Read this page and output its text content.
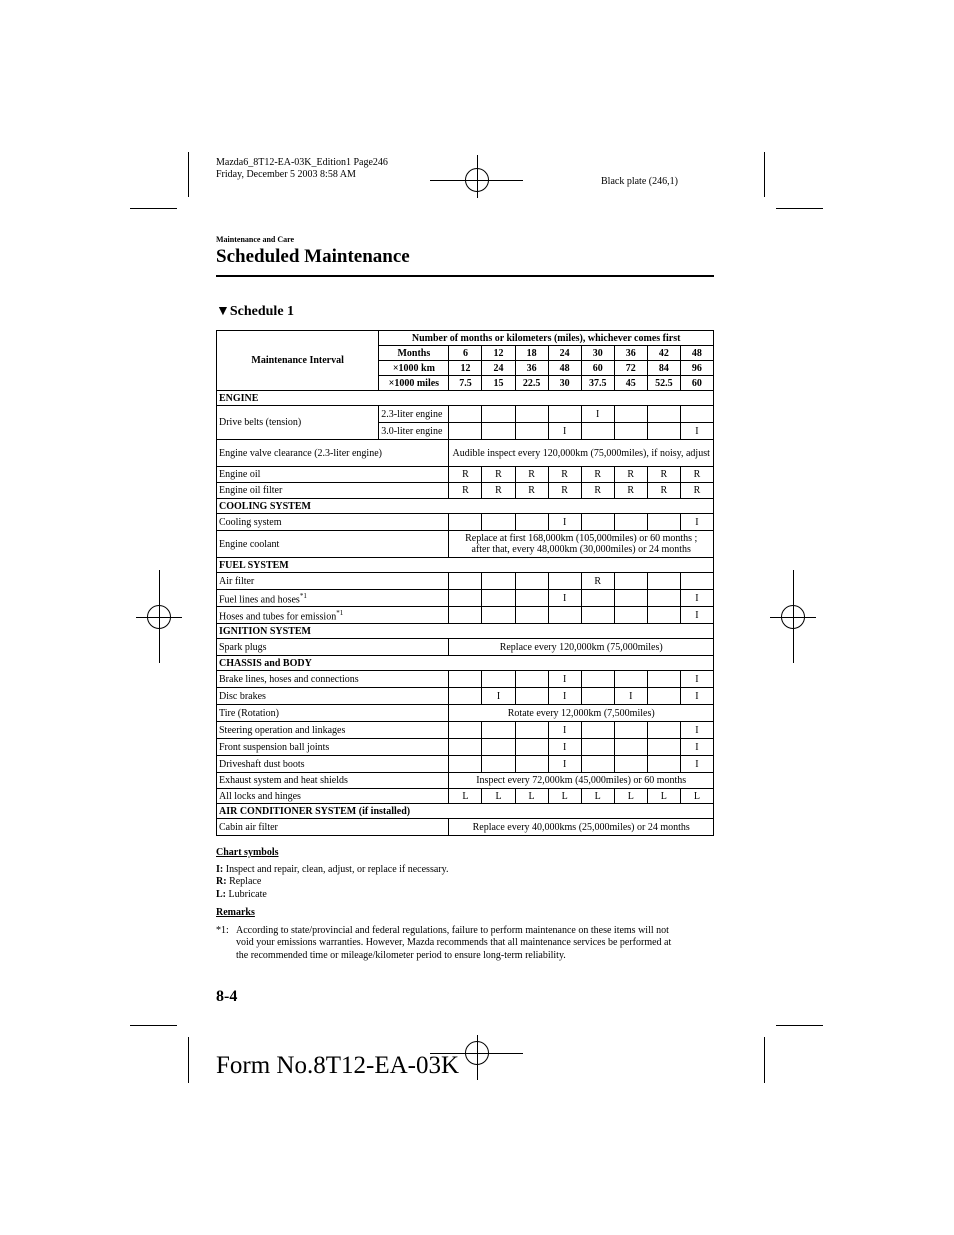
Mazda6_8T12-EA-03K_Edition1 Page246
Friday, December 5 2003 8:58 AM
Black plate (246,1)
Maintenance and Care
Scheduled Maintenance
▼Schedule 1
Maintenance Interval	Number of months or kilometers (miles), whichever comes first								
	Months	6	12	18	24	30	36	42	48
	×1000 km	12	24	36	48	60	72	84	96
	×1000 miles	7.5	15	22.5	30	37.5	45	52.5	60
ENGINE									
Drive belts (tension)	2.3-liter engine					I			
	3.0-liter engine				I				I
Engine valve clearance (2.3-liter engine)		Audible inspect every 120,000km (75,000miles), if noisy, adjust							
Engine oil		R	R	R	R	R	R	R	R
Engine oil filter		R	R	R	R	R	R	R	R
COOLING SYSTEM									
Cooling system					I				I
Engine coolant		Replace at first 168,000km (105,000miles) or 60 months ;
after that, every 48,000km (30,000miles) or 24 months							

FUEL SYSTEM									
Air filter						R			
Fuel lines and hoses$^{*1}$					I				I
Hoses and tubes for emission$^{*1}$									I
IGNITION SYSTEM									
Spark plugs		Replace every 120,000km (75,000miles)							
CHASSIS and BODY									
Brake lines, hoses and connections					I				I
Disc brakes			I		I		I		I
Tire (Rotation)		Rotate every 12,000km (7,500miles)							
Steering operation and linkages					I				I
Front suspension ball joints					I				I
Driveshaft dust boots					I				I
Exhaust system and heat shields		Inspect every 72,000km (45,000miles) or 60 months							
All locks and hinges		L	L	L	L	L	L	L	L
AIR CONDITIONER SYSTEM (if installed)									
Cabin air filter		Replace every 40,000kms (25,000miles) or 24 months							
Chart symbols
I: Inspect and repair, clean, adjust, or replace if necessary.
R: Replace
L: Lubricate
Remarks
*1: According to state/provincial and federal regulations, failure to perform maintenance on these items will not
void your emissions warranties. However, Mazda recommends that all maintenance services be performed at
the recommended time or mileage/kilometer period to ensure long-term reliability.
8-4
Form No.8T12-EA-03K
